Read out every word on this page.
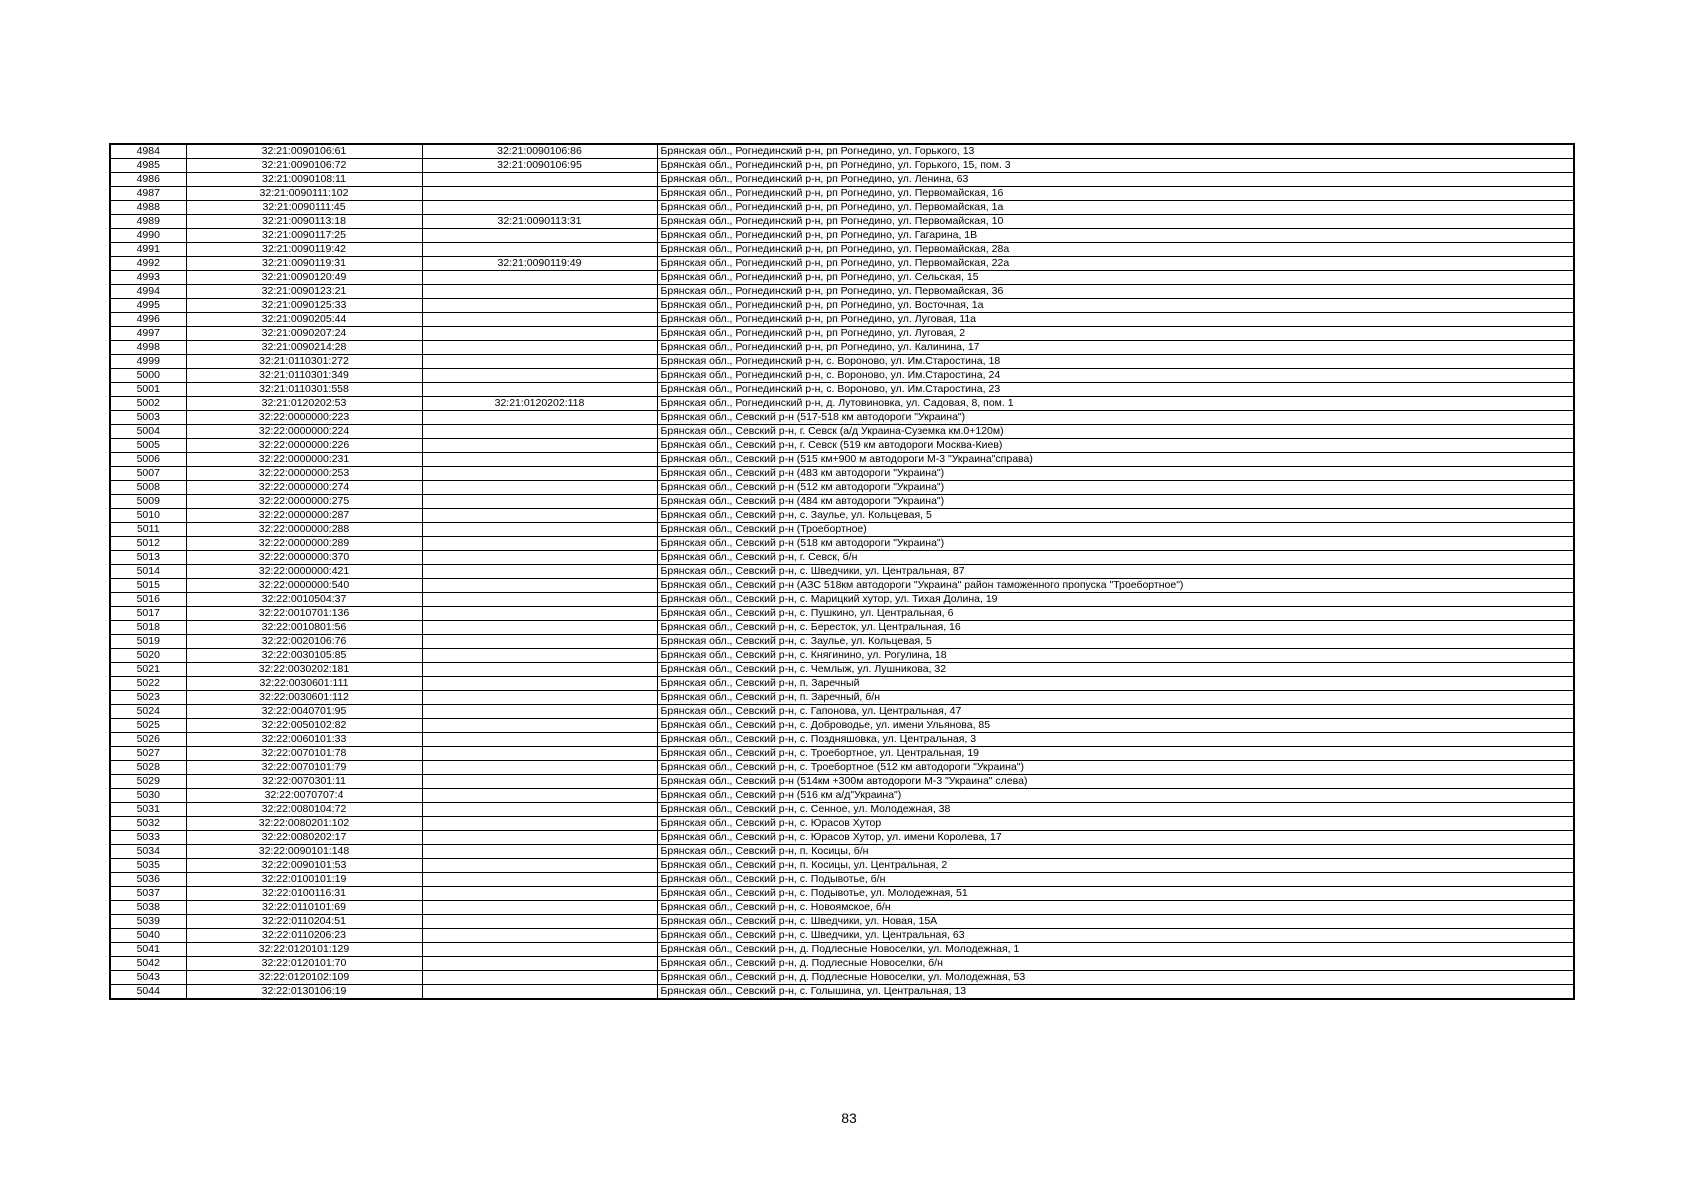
4984	32:21:0090106:61	32:21:0090106:86	Брянская обл., Рогнединский р-н, рп Рогнедино, ул. Горького, 13
4985	32:21:0090106:72	32:21:0090106:95	Брянская обл., Рогнединский р-н, рп Рогнедино, ул. Горького, 15, пом. 3
4986	32:21:0090108:11		Брянская обл., Рогнединский р-н, рп Рогнедино, ул. Ленина, 63
4987	32:21:0090111:102		Брянская обл., Рогнединский р-н, рп Рогнедино, ул. Первомайская, 16
4988	32:21:0090111:45		Брянская обл., Рогнединский р-н, рп Рогнедино, ул. Первомайская, 1а
4989	32:21:0090113:18	32:21:0090113:31	Брянская обл., Рогнединский р-н, рп Рогнедино, ул. Первомайская, 10
4990	32:21:0090117:25		Брянская обл., Рогнединский р-н, рп Рогнедино, ул. Гагарина, 1В
4991	32:21:0090119:42		Брянская обл., Рогнединский р-н, рп Рогнедино, ул. Первомайская, 28а
4992	32:21:0090119:31	32:21:0090119:49	Брянская обл., Рогнединский р-н, рп Рогнедино, ул. Первомайская, 22а
4993	32:21:0090120:49		Брянская обл., Рогнединский р-н, рп Рогнедино, ул. Сельская, 15
4994	32:21:0090123:21		Брянская обл., Рогнединский р-н, рп Рогнедино, ул. Первомайская, 36
4995	32:21:0090125:33		Брянская обл., Рогнединский р-н, рп Рогнедино, ул. Восточная, 1а
4996	32:21:0090205:44		Брянская обл., Рогнединский р-н, рп Рогнедино, ул. Луговая, 11а
4997	32:21:0090207:24		Брянская обл., Рогнединский р-н, рп Рогнедино, ул. Луговая, 2
4998	32:21:0090214:28		Брянская обл., Рогнединский р-н, рп Рогнедино, ул. Калинина, 17
4999	32:21:0110301:272		Брянская обл., Рогнединский р-н, с. Вороново, ул. Им.Старостина, 18
5000	32:21:0110301:349		Брянская обл., Рогнединский р-н, с. Вороново, ул. Им.Старостина, 24
5001	32:21:0110301:558		Брянская обл., Рогнединский р-н, с. Вороново, ул. Им.Старостина, 23
5002	32:21:0120202:53	32:21:0120202:118	Брянская обл., Рогнединский р-н, д. Лутовиновка, ул. Садовая, 8, пом. 1
5003	32:22:0000000:223		Брянская обл., Севский р-н (517-518 км автодороги "Украина")
5004	32:22:0000000:224		Брянская обл., Севский р-н, г. Севск (а/д Украина-Суземка км.0+120м)
5005	32:22:0000000:226		Брянская обл., Севский р-н, г. Севск (519 км автодороги Москва-Киев)
5006	32:22:0000000:231		Брянская обл., Севский р-н (515 км+900 м автодороги М-3 "Украина"справа)
5007	32:22:0000000:253		Брянская обл., Севский р-н (483 км автодороги "Украина")
5008	32:22:0000000:274		Брянская обл., Севский р-н (512 км автодороги "Украина")
5009	32:22:0000000:275		Брянская обл., Севский р-н (484 км автодороги "Украина")
5010	32:22:0000000:287		Брянская обл., Севский р-н, с. Заулье, ул. Кольцевая, 5
5011	32:22:0000000:288		Брянская обл., Севский р-н (Троебортное)
5012	32:22:0000000:289		Брянская обл., Севский р-н (518 км автодороги "Украина")
5013	32:22:0000000:370		Брянская обл., Севский р-н, г. Севск, б/н
5014	32:22:0000000:421		Брянская обл., Севский р-н, с. Шведчики, ул. Центральная, 87
5015	32:22:0000000:540		Брянская обл., Севский р-н (АЗС 518км автодороги "Украина" район таможенного пропуска "Троебортное")
5016	32:22:0010504:37		Брянская обл., Севский р-н, с. Марицкий хутор, ул. Тихая Долина, 19
5017	32:22:0010701:136		Брянская обл., Севский р-н, с. Пушкино, ул. Центральная, 6
5018	32:22:0010801:56		Брянская обл., Севский р-н, с. Береcток, ул. Центральная, 16
5019	32:22:0020106:76		Брянская обл., Севский р-н, с. Заулье, ул. Кольцевая, 5
5020	32:22:0030105:85		Брянская обл., Севский р-н, с. Княгинино, ул. Рогулина, 18
5021	32:22:0030202:181		Брянская обл., Севский р-н, с. Чемлыж, ул. Лушникова, 32
5022	32:22:0030601:111		Брянская обл., Севский р-н, п. Заречный
5023	32:22:0030601:112		Брянская обл., Севский р-н, п. Заречный, б/н
5024	32:22:0040701:95		Брянская обл., Севский р-н, с. Гапонова, ул. Центральная, 47
5025	32:22:0050102:82		Брянская обл., Севский р-н, с. Доброводье, ул. имени Ульянова, 85
5026	32:22:0060101:33		Брянская обл., Севский р-н, с. Поздняшовка, ул. Центральная, 3
5027	32:22:0070101:78		Брянская обл., Севский р-н, с. Троебортное, ул. Центральная, 19
5028	32:22:0070101:79		Брянская обл., Севский р-н, с. Троебортное (512 км автодороги "Украина")
5029	32:22:0070301:11		Брянская обл., Севский р-н (514км +300м автодороги М-3 "Украина" слева)
5030	32:22:0070707:4		Брянская обл., Севский р-н (516 км а/д"Украина")
5031	32:22:0080104:72		Брянская обл., Севский р-н, с. Сенное, ул. Молодежная, 38
5032	32:22:0080201:102		Брянская обл., Севский р-н, с. Юрасов Хутор
5033	32:22:0080202:17		Брянская обл., Севский р-н, с. Юрасов Хутор, ул. имени Королева, 17
5034	32:22:0090101:148		Брянская обл., Севский р-н, п. Косицы, б/н
5035	32:22:0090101:53		Брянская обл., Севский р-н, п. Косицы, ул. Центральная, 2
5036	32:22:0100101:19		Брянская обл., Севский р-н, с. Подывотье, б/н
5037	32:22:0100116:31		Брянская обл., Севский р-н, с. Подывотье, ул. Молодежная, 51
5038	32:22:0110101:69		Брянская обл., Севский р-н, с. Новоямское, б/н
5039	32:22:0110204:51		Брянская обл., Севский р-н, с. Шведчики, ул. Новая, 15А
5040	32:22:0110206:23		Брянская обл., Севский р-н, с. Шведчики, ул. Центральная, 63
5041	32:22:0120101:129		Брянская обл., Севский р-н, д. Подлесные Новоселки, ул. Молодежная, 1
5042	32:22:0120101:70		Брянская обл., Севский р-н, д. Подлесные Новоселки, б/н
5043	32:22:0120102:109		Брянская обл., Севский р-н, д. Подлесные Новоселки, ул. Молодежная, 53
5044	32:22:0130106:19		Брянская обл., Севский р-н, с. Голышина, ул. Центральная, 13
83
